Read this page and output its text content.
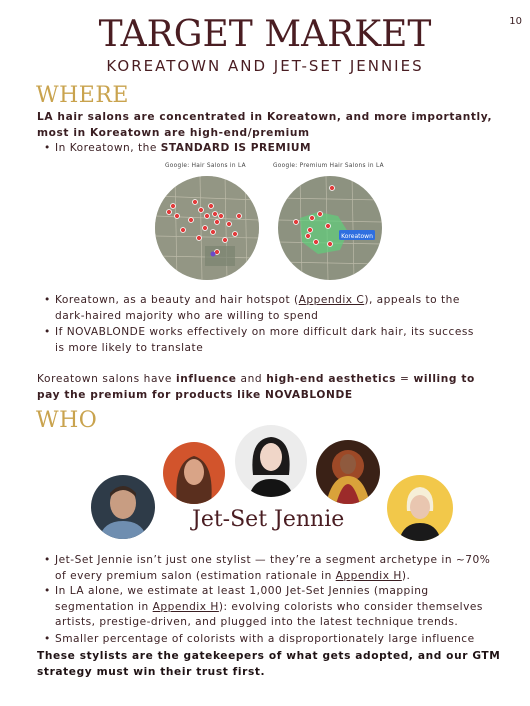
10
TARGET MARKET
KOREATOWN AND JET-SET JENNIES
WHERE
LA hair salons are concentrated in Koreatown, and more importantly,
most in Koreatown are high-end/premium
• In Koreatown, the STANDARD IS PREMIUM
Google: Hair Salons in LA	Google: Premium Hair Salons in LA
Koreatown
• Koreatown, as a beauty and hair hotspot (Appendix C), appeals to the
dark-haired majority who are willing to spend
• If NOVABLONDE works effectively on more difficult dark hair, its success
is more likely to translate
Koreatown salons have influence and high-end aesthetics = willing to
pay the premium for products like NOVABLONDE
WHO
Jet-Set Jennie
• Jet-Set Jennie isn’t just one stylist — they’re a segment archetype in ~70%
of every premium salon (estimation rationale in Appendix H).
• In LA alone, we estimate at least 1,000 Jet-Set Jennies (mapping
segmentation in Appendix H): evolving colorists who consider themselves
artists, prestige-driven, and plugged into the latest technique trends.
• Smaller percentage of colorists with a disproportionately large influence
These stylists are the gatekeepers of what gets adopted, and our GTM
strategy must win their trust first.
